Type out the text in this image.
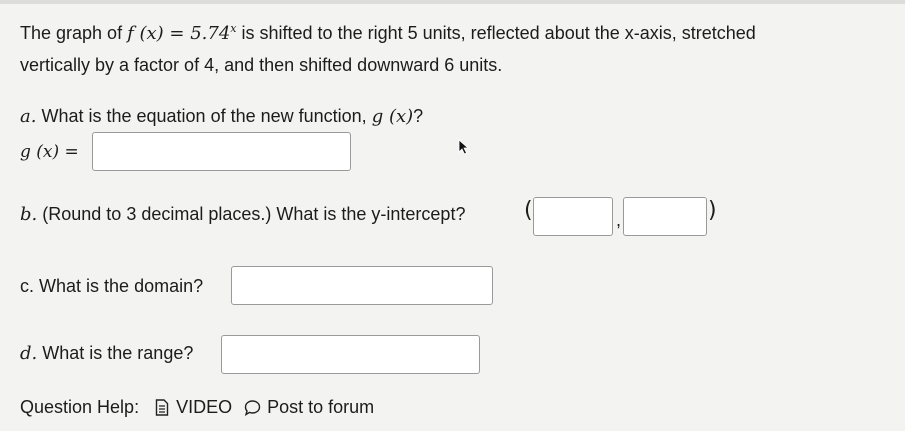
The graph of f $(x) = 5.74^x$ is shifted to the right 5 units, reflected about the x-axis, stretched
vertically by a factor of 4, and then shifted downward 6 units.
a. What is the equation of the new function, g (x)?
g (x) =
b. (Round to 3 decimal places.) What is the y-intercept?	(	,	)
c. What is the domain?
d. What is the range?
Question Help: VIDEO Post to forum
